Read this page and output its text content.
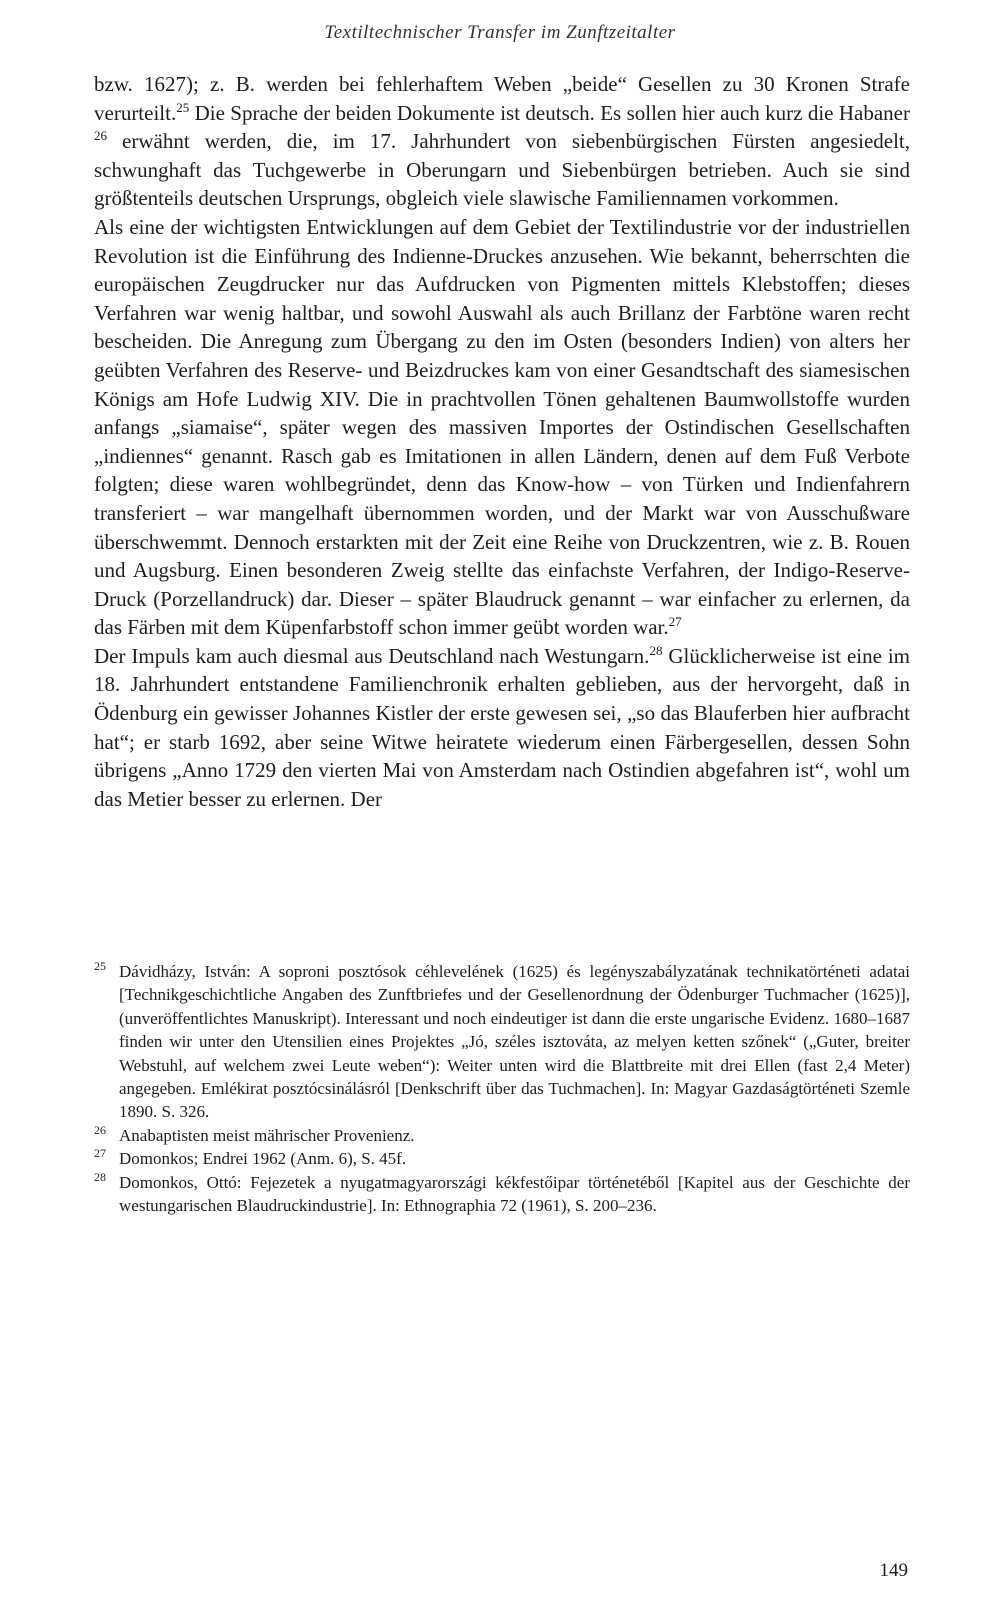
Textiltechnischer Transfer im Zunftzeitalter

bzw. 1627); z. B. werden bei fehlerhaftem Weben „beide“ Gesellen zu 30 Kronen Strafe verurteilt.$^{25}$ Die Sprache der beiden Dokumente ist deutsch. Es sollen hier auch kurz die Habaner $^{26}$ erwähnt werden, die, im 17. Jahrhundert von siebenbürgischen Fürsten angesiedelt, schwunghaft das Tuchgewerbe in Oberungarn und Siebenbürgen betrieben. Auch sie sind größtenteils deutschen Ursprungs, obgleich viele slawische Familiennamen vorkommen.

Als eine der wichtigsten Entwicklungen auf dem Gebiet der Textilindustrie vor der industriellen Revolution ist die Einführung des Indienne-Druckes anzusehen. Wie bekannt, beherrschten die europäischen Zeugdrucker nur das Aufdrucken von Pigmenten mittels Klebstoffen; dieses Verfahren war wenig haltbar, und sowohl Auswahl als auch Brillanz der Farbtöne waren recht bescheiden. Die Anregung zum Übergang zu den im Osten (besonders Indien) von alters her geübten Verfahren des Reserve- und Beizdruckes kam von einer Gesandtschaft des siamesischen Königs am Hofe Ludwig XIV. Die in prachtvollen Tönen gehaltenen Baumwollstoffe wurden anfangs „siamaise“, später wegen des massiven Importes der Ostindischen Gesellschaften „indiennes“ genannt. Rasch gab es Imitationen in allen Ländern, denen auf dem Fuß Verbote folgten; diese waren wohlbegründet, denn das Know-how – von Türken und Indienfahrern transferiert – war mangelhaft übernommen worden, und der Markt war von Ausschußware überschwemmt. Dennoch erstarkten mit der Zeit eine Reihe von Druckzentren, wie z. B. Rouen und Augsburg. Einen besonderen Zweig stellte das einfachste Verfahren, der Indigo-Reserve-Druck (Porzellandruck) dar. Dieser – später Blaudruck genannt – war einfacher zu erlernen, da das Färben mit dem Küpenfarbstoff schon immer geübt worden war.$^{27}$

Der Impuls kam auch diesmal aus Deutschland nach Westungarn.$^{28}$ Glücklicherweise ist eine im 18. Jahrhundert entstandene Familienchronik erhalten geblieben, aus der hervorgeht, daß in Ödenburg ein gewisser Johannes Kistler der erste gewesen sei, „so das Blauferben hier aufbracht hat“; er starb 1692, aber seine Witwe heiratete wiederum einen Färbergesellen, dessen Sohn übrigens „Anno 1729 den vierten Mai von Amsterdam nach Ostindien abgefahren ist“, wohl um das Metier besser zu erlernen. Der

25 Dávidházy, István: A soproni posztósok céhlevelének (1625) és legényszabályzatának technikatörténeti adatai [Technikgeschichtliche Angaben des Zunftbriefes und der Gesellenordnung der Ödenburger Tuchmacher (1625)], (unveröffentlichtes Manuskript). Interessant und noch eindeutiger ist dann die erste ungarische Evidenz. 1680–1687 finden wir unter den Utensilien eines Projektes „Jó, széles isztováta, az melyen ketten szőnek“ („Guter, breiter Webstuhl, auf welchem zwei Leute weben“): Weiter unten wird die Blattbreite mit drei Ellen (fast 2,4 Meter) angegeben. Emlékirat posztócsinálásról [Denkschrift über das Tuchmachen]. In: Magyar Gazdaságtörténeti Szemle 1890. S. 326.

26 Anabaptisten meist mährischer Provenienz.

27 Domonkos; Endrei 1962 (Anm. 6), S. 45f.

28 Domonkos, Ottó: Fejezetek a nyugatmagyarországi kékfestőipar történetéből [Kapitel aus der Geschichte der westungarischen Blaudruckindustrie]. In: Ethnographia 72 (1961), S. 200–236.

149
